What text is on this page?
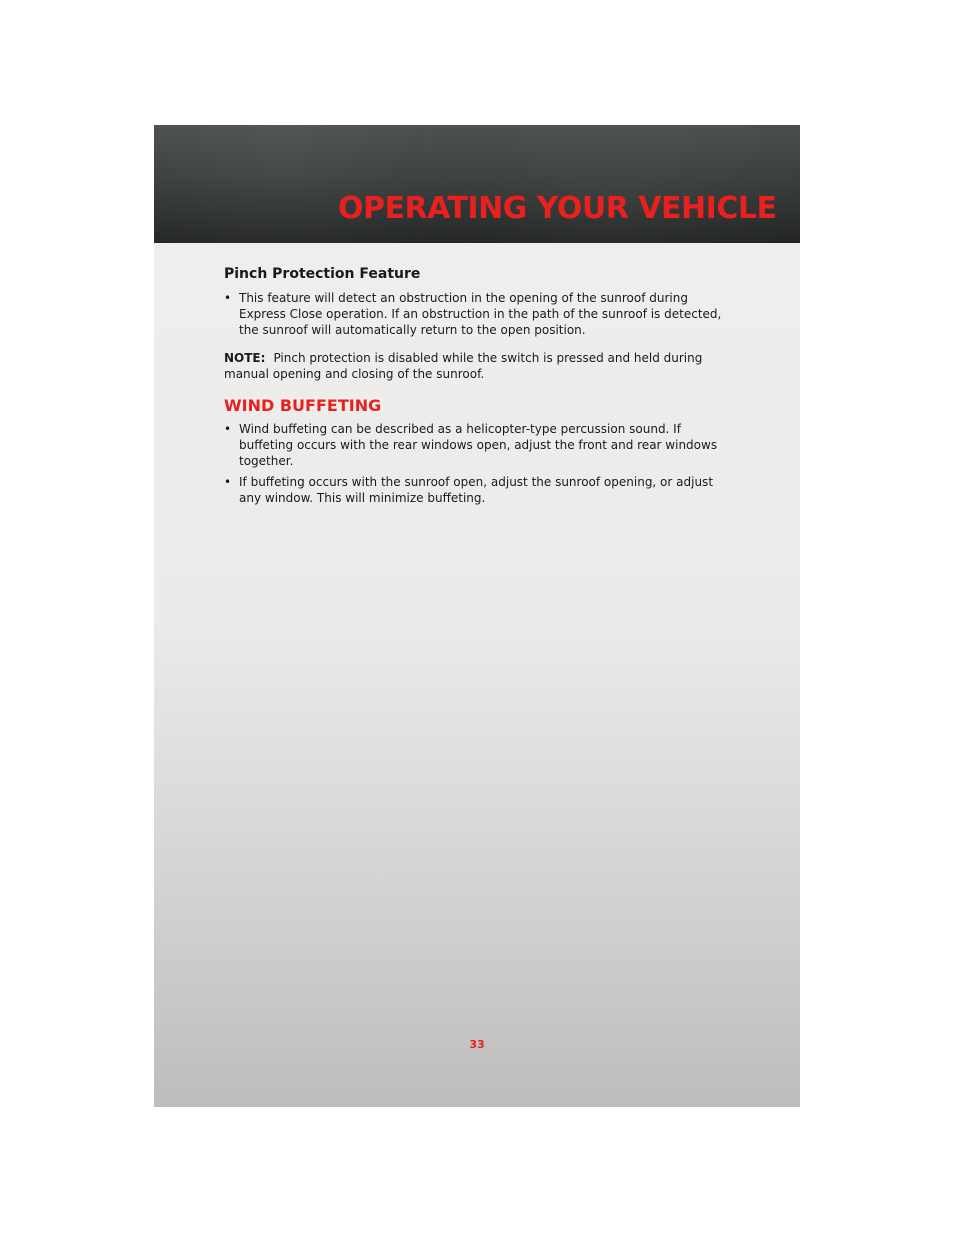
OPERATING YOUR VEHICLE
Pinch Protection Feature
• This feature will detect an obstruction in the opening of the sunroof during Express Close operation. If an obstruction in the path of the sunroof is detected, the sunroof will automatically return to the open position.

NOTE: Pinch protection is disabled while the switch is pressed and held during manual opening and closing of the sunroof.

WIND BUFFETING
• Wind buffeting can be described as a helicopter-type percussion sound. If buffeting occurs with the rear windows open, adjust the front and rear windows together.
• If buffeting occurs with the sunroof open, adjust the sunroof opening, or adjust any window. This will minimize buffeting.
33
